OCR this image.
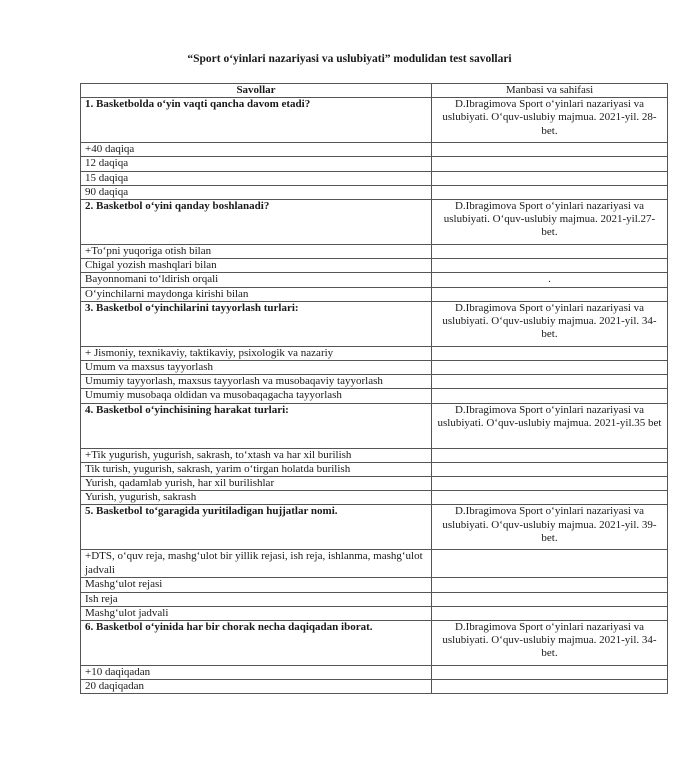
“Sport o‘yinlari nazariyasi va uslubiyati” modulidan test savollari
Savollar	Manbasi va sahifasi
1. Basketbolda o‘yin vaqti qancha davom etadi?	D.Ibragimova Sport o‘yinlari nazariyasi va uslubiyati. O‘quv-uslubiy majmua. 2021-yil. 28-bet.
+40 daqiqa	
12 daqiqa	
15 daqiqa	
90 daqiqa	
2. Basketbol o‘yini qanday boshlanadi?	D.Ibragimova Sport o‘yinlari nazariyasi va uslubiyati. O‘quv-uslubiy majmua. 2021-yil.27-bet.
+To‘pni yuqoriga otish bilan	
Chigal yozish mashqlari bilan	
Bayonnomani to‘ldirish orqali	.
O‘yinchilarni maydonga kirishi bilan	
3. Basketbol o‘yinchilarini tayyorlash turlari:	D.Ibragimova Sport o‘yinlari nazariyasi va uslubiyati. O‘quv-uslubiy majmua. 2021-yil. 34-bet.
+ Jismoniy, texnikaviy, taktikaviy, psixologik va nazariy	
Umum va maxsus tayyorlash	
Umumiy tayyorlash, maxsus tayyorlash va musobaqaviy tayyorlash	
Umumiy musobaqa oldidan va musobaqagacha tayyorlash	
4. Basketbol o‘yinchisining harakat turlari:	D.Ibragimova Sport o‘yinlari nazariyasi va uslubiyati. O‘quv-uslubiy majmua. 2021-yil.35 bet
+Tik yugurish, yugurish, sakrash, to‘xtash va har xil burilish	
Tik turish, yugurish, sakrash, yarim o‘tirgan holatda burilish	
Yurish, qadamlab yurish, har xil burilishlar	
Yurish, yugurish, sakrash	
5. Basketbol to‘garagida yuritiladigan hujjatlar nomi.	D.Ibragimova Sport o‘yinlari nazariyasi va uslubiyati. O‘quv-uslubiy majmua. 2021-yil. 39-bet.
+DTS, o‘quv reja, mashg‘ulot bir yillik rejasi, ish reja, ishlanma, mashg‘ulot jadvali	
Mashg‘ulot rejasi	
Ish reja	
Mashg‘ulot jadvali	
6. Basketbol o‘yinida har bir chorak necha daqiqadan iborat.	D.Ibragimova Sport o‘yinlari nazariyasi va uslubiyati. O‘quv-uslubiy majmua. 2021-yil. 34-bet.
+10 daqiqadan	
20 daqiqadan	
